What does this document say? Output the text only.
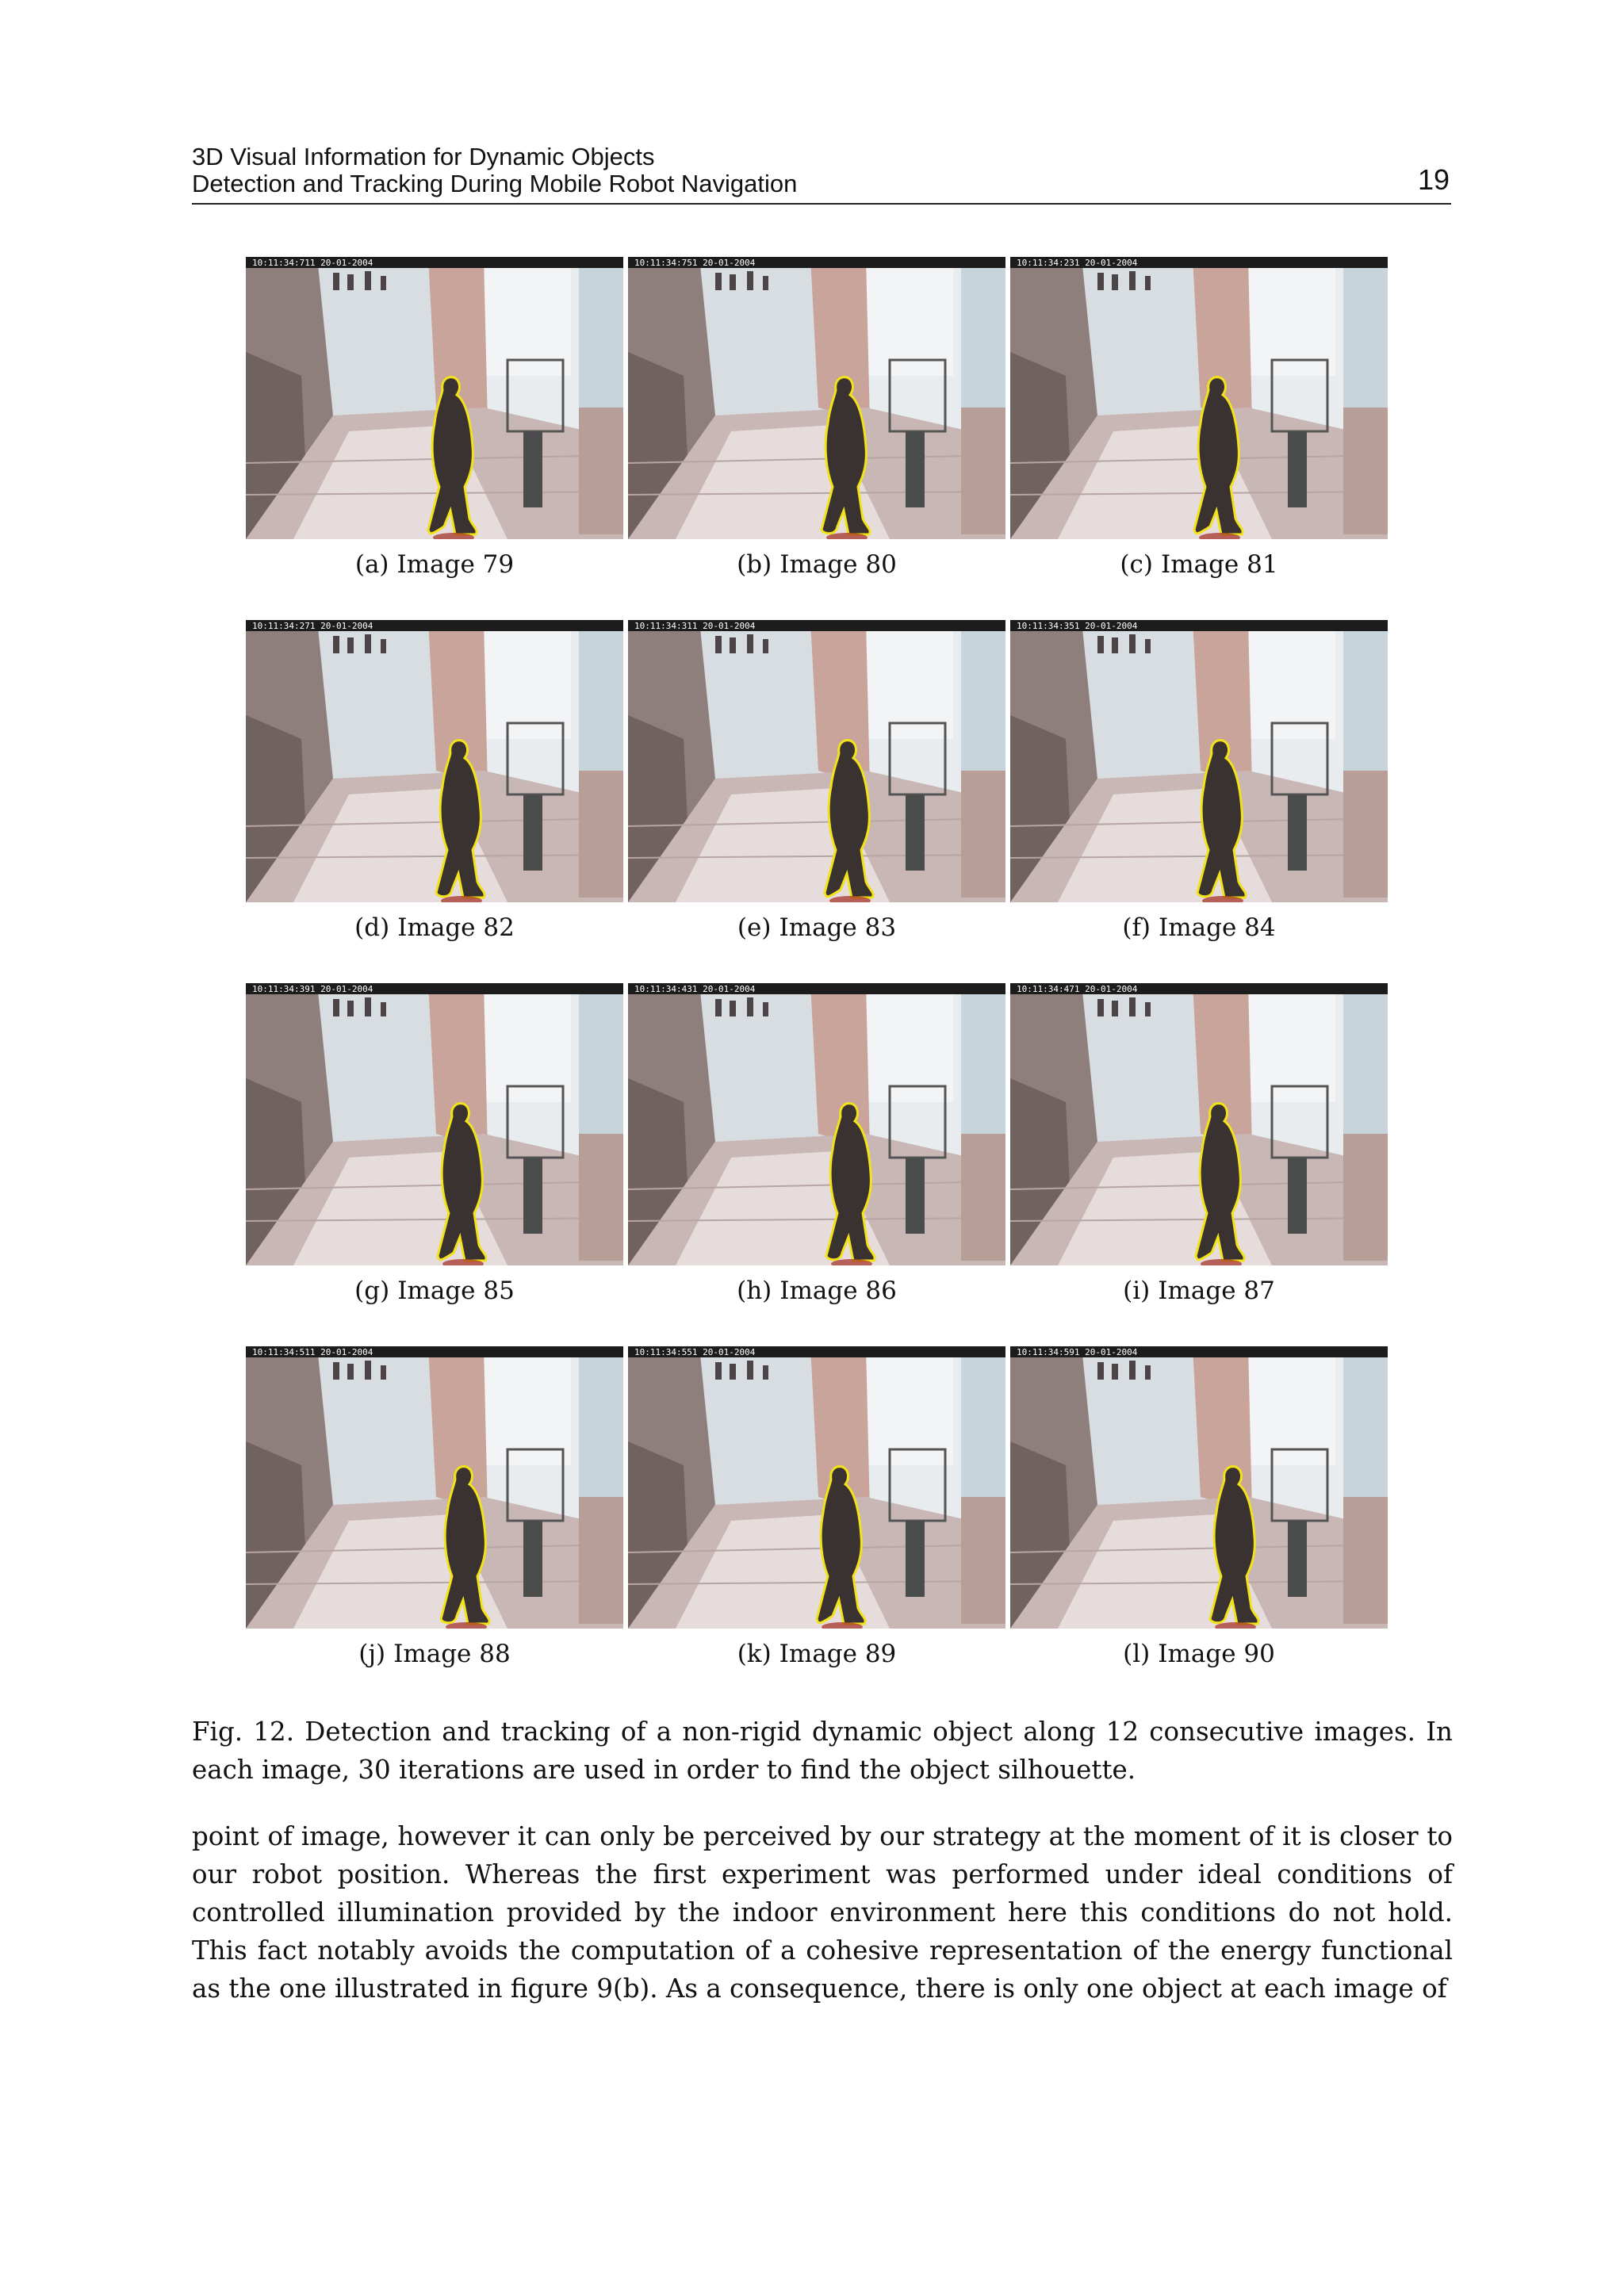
3D Visual Information for Dynamic Objects
Detection and Tracking During Mobile Robot Navigation	19
10:11:34:711 20-01-2004
(a) Image 79
10:11:34:751 20-01-2004
(b) Image 80
10:11:34:231 20-01-2004
(c) Image 81
10:11:34:271 20-01-2004
(d) Image 82
10:11:34:311 20-01-2004
(e) Image 83
10:11:34:351 20-01-2004
(f) Image 84
10:11:34:391 20-01-2004
(g) Image 85
10:11:34:431 20-01-2004
(h) Image 86
10:11:34:471 20-01-2004
(i) Image 87
10:11:34:511 20-01-2004
(j) Image 88
10:11:34:551 20-01-2004
(k) Image 89
10:11:34:591 20-01-2004
(l) Image 90
Fig. 12. Detection and tracking of a non-rigid dynamic object along 12 consecutive images. In each image, 30 iterations are used in order to find the object silhouette.
point of image, however it can only be perceived by our strategy at the moment of it is closer to our robot position. Whereas the first experiment was performed under ideal conditions of controlled illumination provided by the indoor environment here this conditions do not hold. This fact notably avoids the computation of a cohesive representation of the energy functional as the one illustrated in figure 9(b). As a consequence, there is only one object at each image of
